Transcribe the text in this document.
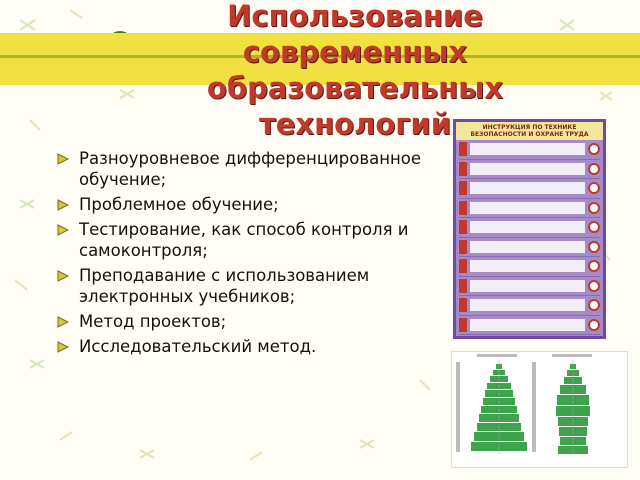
Использование
современных
образовательных
технологий	ИНСТРУКЦИЯ ПО ТЕХНИКЕ БЕЗОПАСНОСТИ И ОХРАНЕ ТРУДА
Разноуровневое дифференцированное обучение;
Проблемное обучение;
Тестирование, как способ контроля и самоконтроля;
Преподавание с использованием электронных учебников;
Метод проектов;
Исследовательский метод.
